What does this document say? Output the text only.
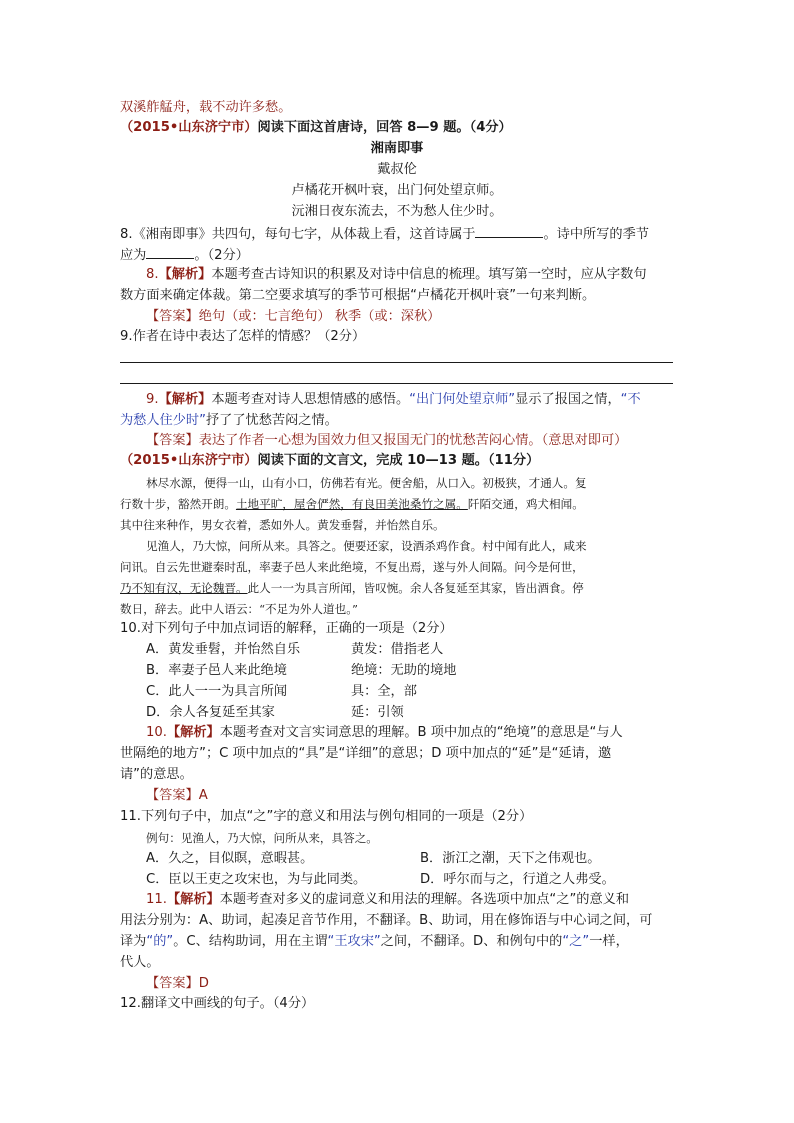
双溪舴艋舟，载不动许多愁。
（2015•山东济宁市）阅读下面这首唐诗，回答 8—9 题。（4分）
湘南即事
戴叔伦
卢橘花开枫叶衰，出门何处望京师。
沅湘日夜东流去，不为愁人住少时。
8.《湘南即事》共四句，每句七字，从体裁上看，这首诗属于	。诗中所写的季节
应为	。（2分）
8.【解析】本题考查古诗知识的积累及对诗中信息的梳理。填写第一空时，应从字数句
数方面来确定体裁。第二空要求填写的季节可根据“卢橘花开枫叶衰”一句来判断。
【答案】绝句（或：七言绝句） 秋季（或：深秋）
9.作者在诗中表达了怎样的情感？（2分）
9.【解析】本题考查对诗人思想情感的感悟。“出门何处望京师”显示了报国之情，“不
为愁人住少时”抒了了忧愁苦闷之情。
【答案】表达了作者一心想为国效力但又报国无门的忧愁苦闷心情。（意思对即可）
（2015•山东济宁市）阅读下面的文言文，完成 10—13 题。（11分）
林尽水源，便得一山，山有小口，仿佛若有光。便舍船，从口入。初极狭，才通人。复
行数十步，豁然开朗。土地平旷，屋舍俨然，有良田美池桑竹之属。阡陌交通，鸡犬相闻。
其中往来种作，男女衣着，悉如外人。黄发垂髫，并怡然自乐。
见渔人，乃大惊，问所从来。具答之。便要还家，设酒杀鸡作食。村中闻有此人，咸来
问讯。自云先世避秦时乱，率妻子邑人来此绝境，不复出焉，遂与外人间隔。问今是何世，
乃不知有汉，无论魏晋。此人一一为具言所闻，皆叹惋。余人各复延至其家，皆出酒食。停
数日，辞去。此中人语云：“不足为外人道也。”
10.对下列句子中加点词语的解释，正确的一项是（2分）
A．黄发垂髫，并怡然自乐	黄发：借指老人
B．率妻子邑人来此绝境	绝境：无助的境地
C．此人一一为具言所闻	具：全，部
D．余人各复延至其家	延：引领
10.【解析】本题考查对文言实词意思的理解。B 项中加点的“绝境”的意思是“与人
世隔绝的地方”；C 项中加点的“具”是“详细”的意思；D 项中加点的“延”是“延请，邀
请”的意思。
【答案】A
11.下列句子中，加点“之”字的意义和用法与例句相同的一项是（2分）
例句：见渔人，乃大惊，问所从来，具答之。
A．久之，目似瞑，意暇甚。	B．浙江之潮，天下之伟观也。
C．臣以王吏之攻宋也，为与此同类。	D．呼尔而与之，行道之人弗受。
11.【解析】本题考查对多义的虚词意义和用法的理解。各选项中加点“之”的意义和
用法分别为：A、助词，起凑足音节作用，不翻译。B、助词，用在修饰语与中心词之间，可
译为“的”。C、结构助词，用在主谓“王攻宋”之间，不翻译。D、和例句中的“之”一样，
代人。
【答案】D
12.翻译文中画线的句子。（4分）
